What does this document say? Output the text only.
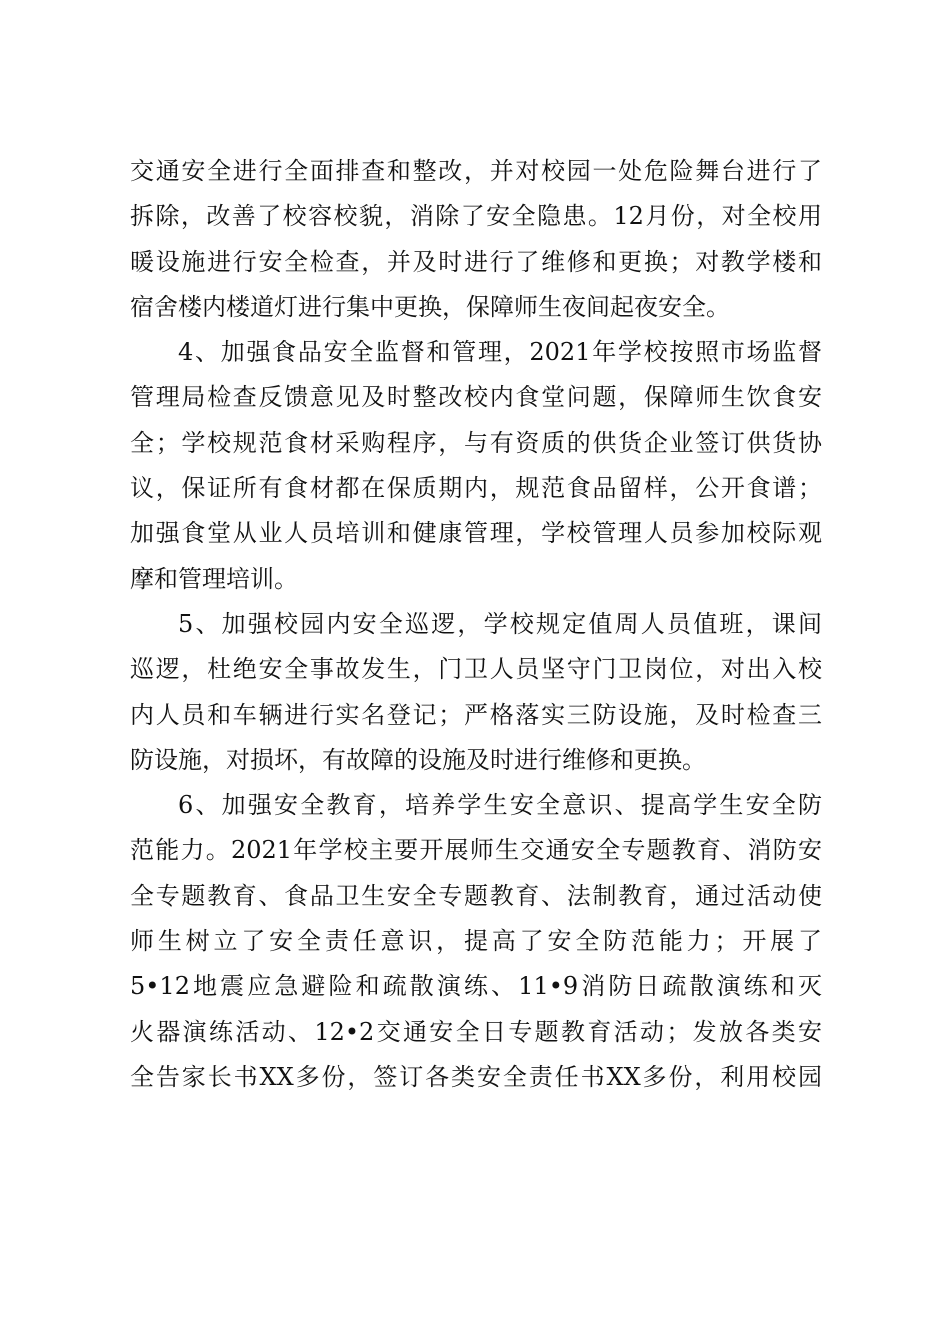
交通安全进行全面排查和整改，并对校园一处危险舞台进行了
拆除，改善了校容校貌，消除了安全隐患。12月份，对全校用
暖设施进行安全检查，并及时进行了维修和更换；对教学楼和
宿舍楼内楼道灯进行集中更换，保障师生夜间起夜安全。
4、加强食品安全监督和管理，2021年学校按照市场监督
管理局检查反馈意见及时整改校内食堂问题，保障师生饮食安
全；学校规范食材采购程序，与有资质的供货企业签订供货协
议，保证所有食材都在保质期内，规范食品留样，公开食谱；
加强食堂从业人员培训和健康管理，学校管理人员参加校际观
摩和管理培训。
5、加强校园内安全巡逻，学校规定值周人员值班，课间
巡逻，杜绝安全事故发生，门卫人员坚守门卫岗位，对出入校
内人员和车辆进行实名登记；严格落实三防设施，及时检查三
防设施，对损坏，有故障的设施及时进行维修和更换。
6、加强安全教育，培养学生安全意识、提高学生安全防
范能力。2021年学校主要开展师生交通安全专题教育、消防安
全专题教育、食品卫生安全专题教育、法制教育，通过活动使
师生树立了安全责任意识，提高了安全防范能力；开展了
5•12地震应急避险和疏散演练、11•9消防日疏散演练和灭
火器演练活动、12•2交通安全日专题教育活动；发放各类安
全告家长书XX多份，签订各类安全责任书XX多份，利用校园
